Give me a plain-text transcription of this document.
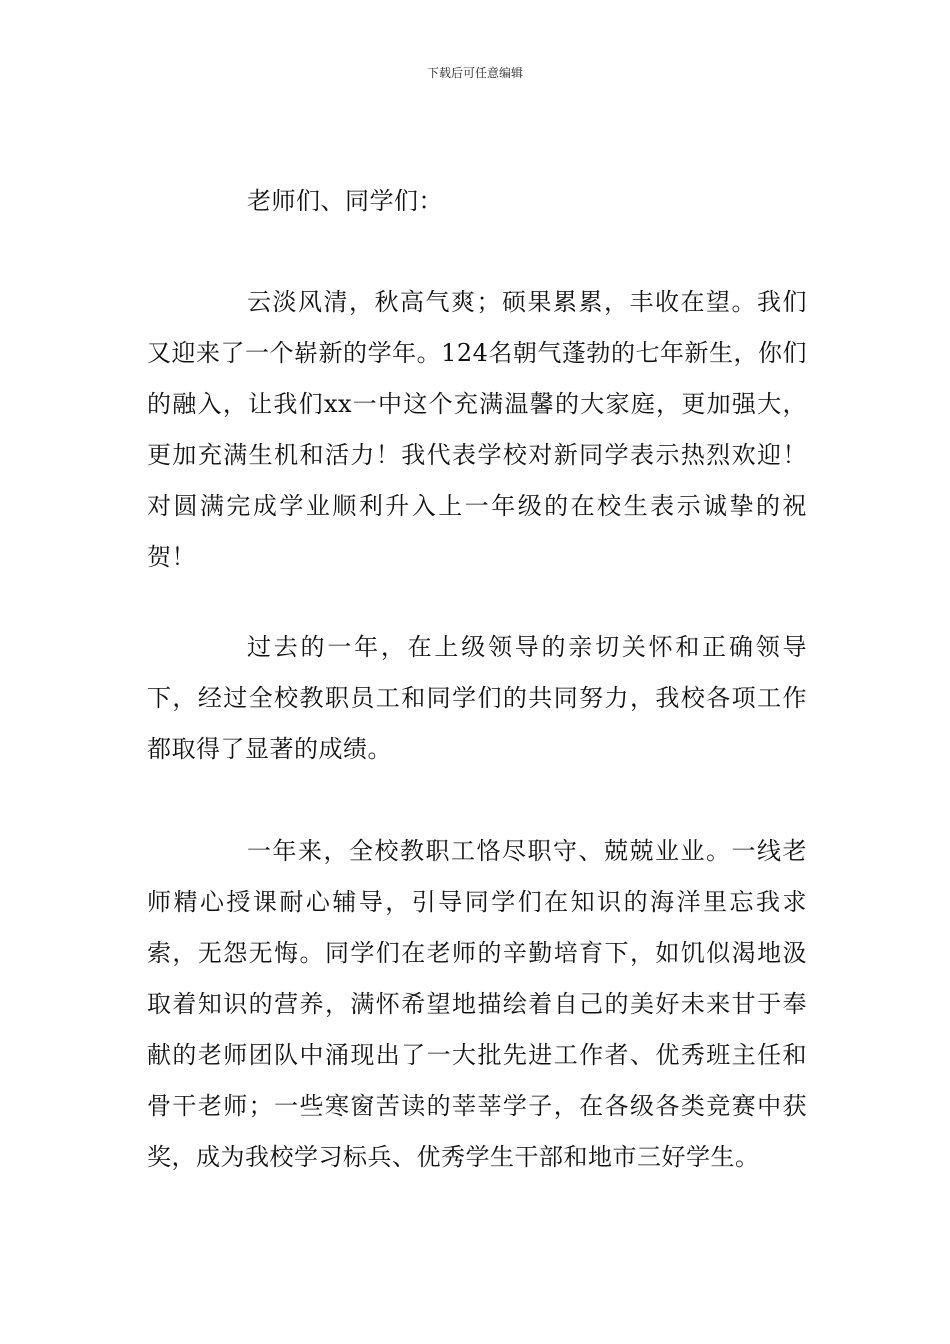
下载后可任意编辑
老师们、同学们：

云淡风清，秋高气爽；硕果累累，丰收在望。我们又迎来了一个崭新的学年。124名朝气蓬勃的七年新生，你们的融入，让我们xx一中这个充满温馨的大家庭，更加强大，更加充满生机和活力！我代表学校对新同学表示热烈欢迎！对圆满完成学业顺利升入上一年级的在校生表示诚挚的祝贺！

过去的一年，在上级领导的亲切关怀和正确领导下，经过全校教职员工和同学们的共同努力，我校各项工作都取得了显著的成绩。

一年来，全校教职工恪尽职守、兢兢业业。一线老师精心授课耐心辅导，引导同学们在知识的海洋里忘我求索，无怨无悔。同学们在老师的辛勤培育下，如饥似渴地汲取着知识的营养，满怀希望地描绘着自己的美好未来甘于奉献的老师团队中涌现出了一大批先进工作者、优秀班主任和骨干老师；一些寒窗苦读的莘莘学子，在各级各类竞赛中获奖，成为我校学习标兵、优秀学生干部和地市三好学生。
